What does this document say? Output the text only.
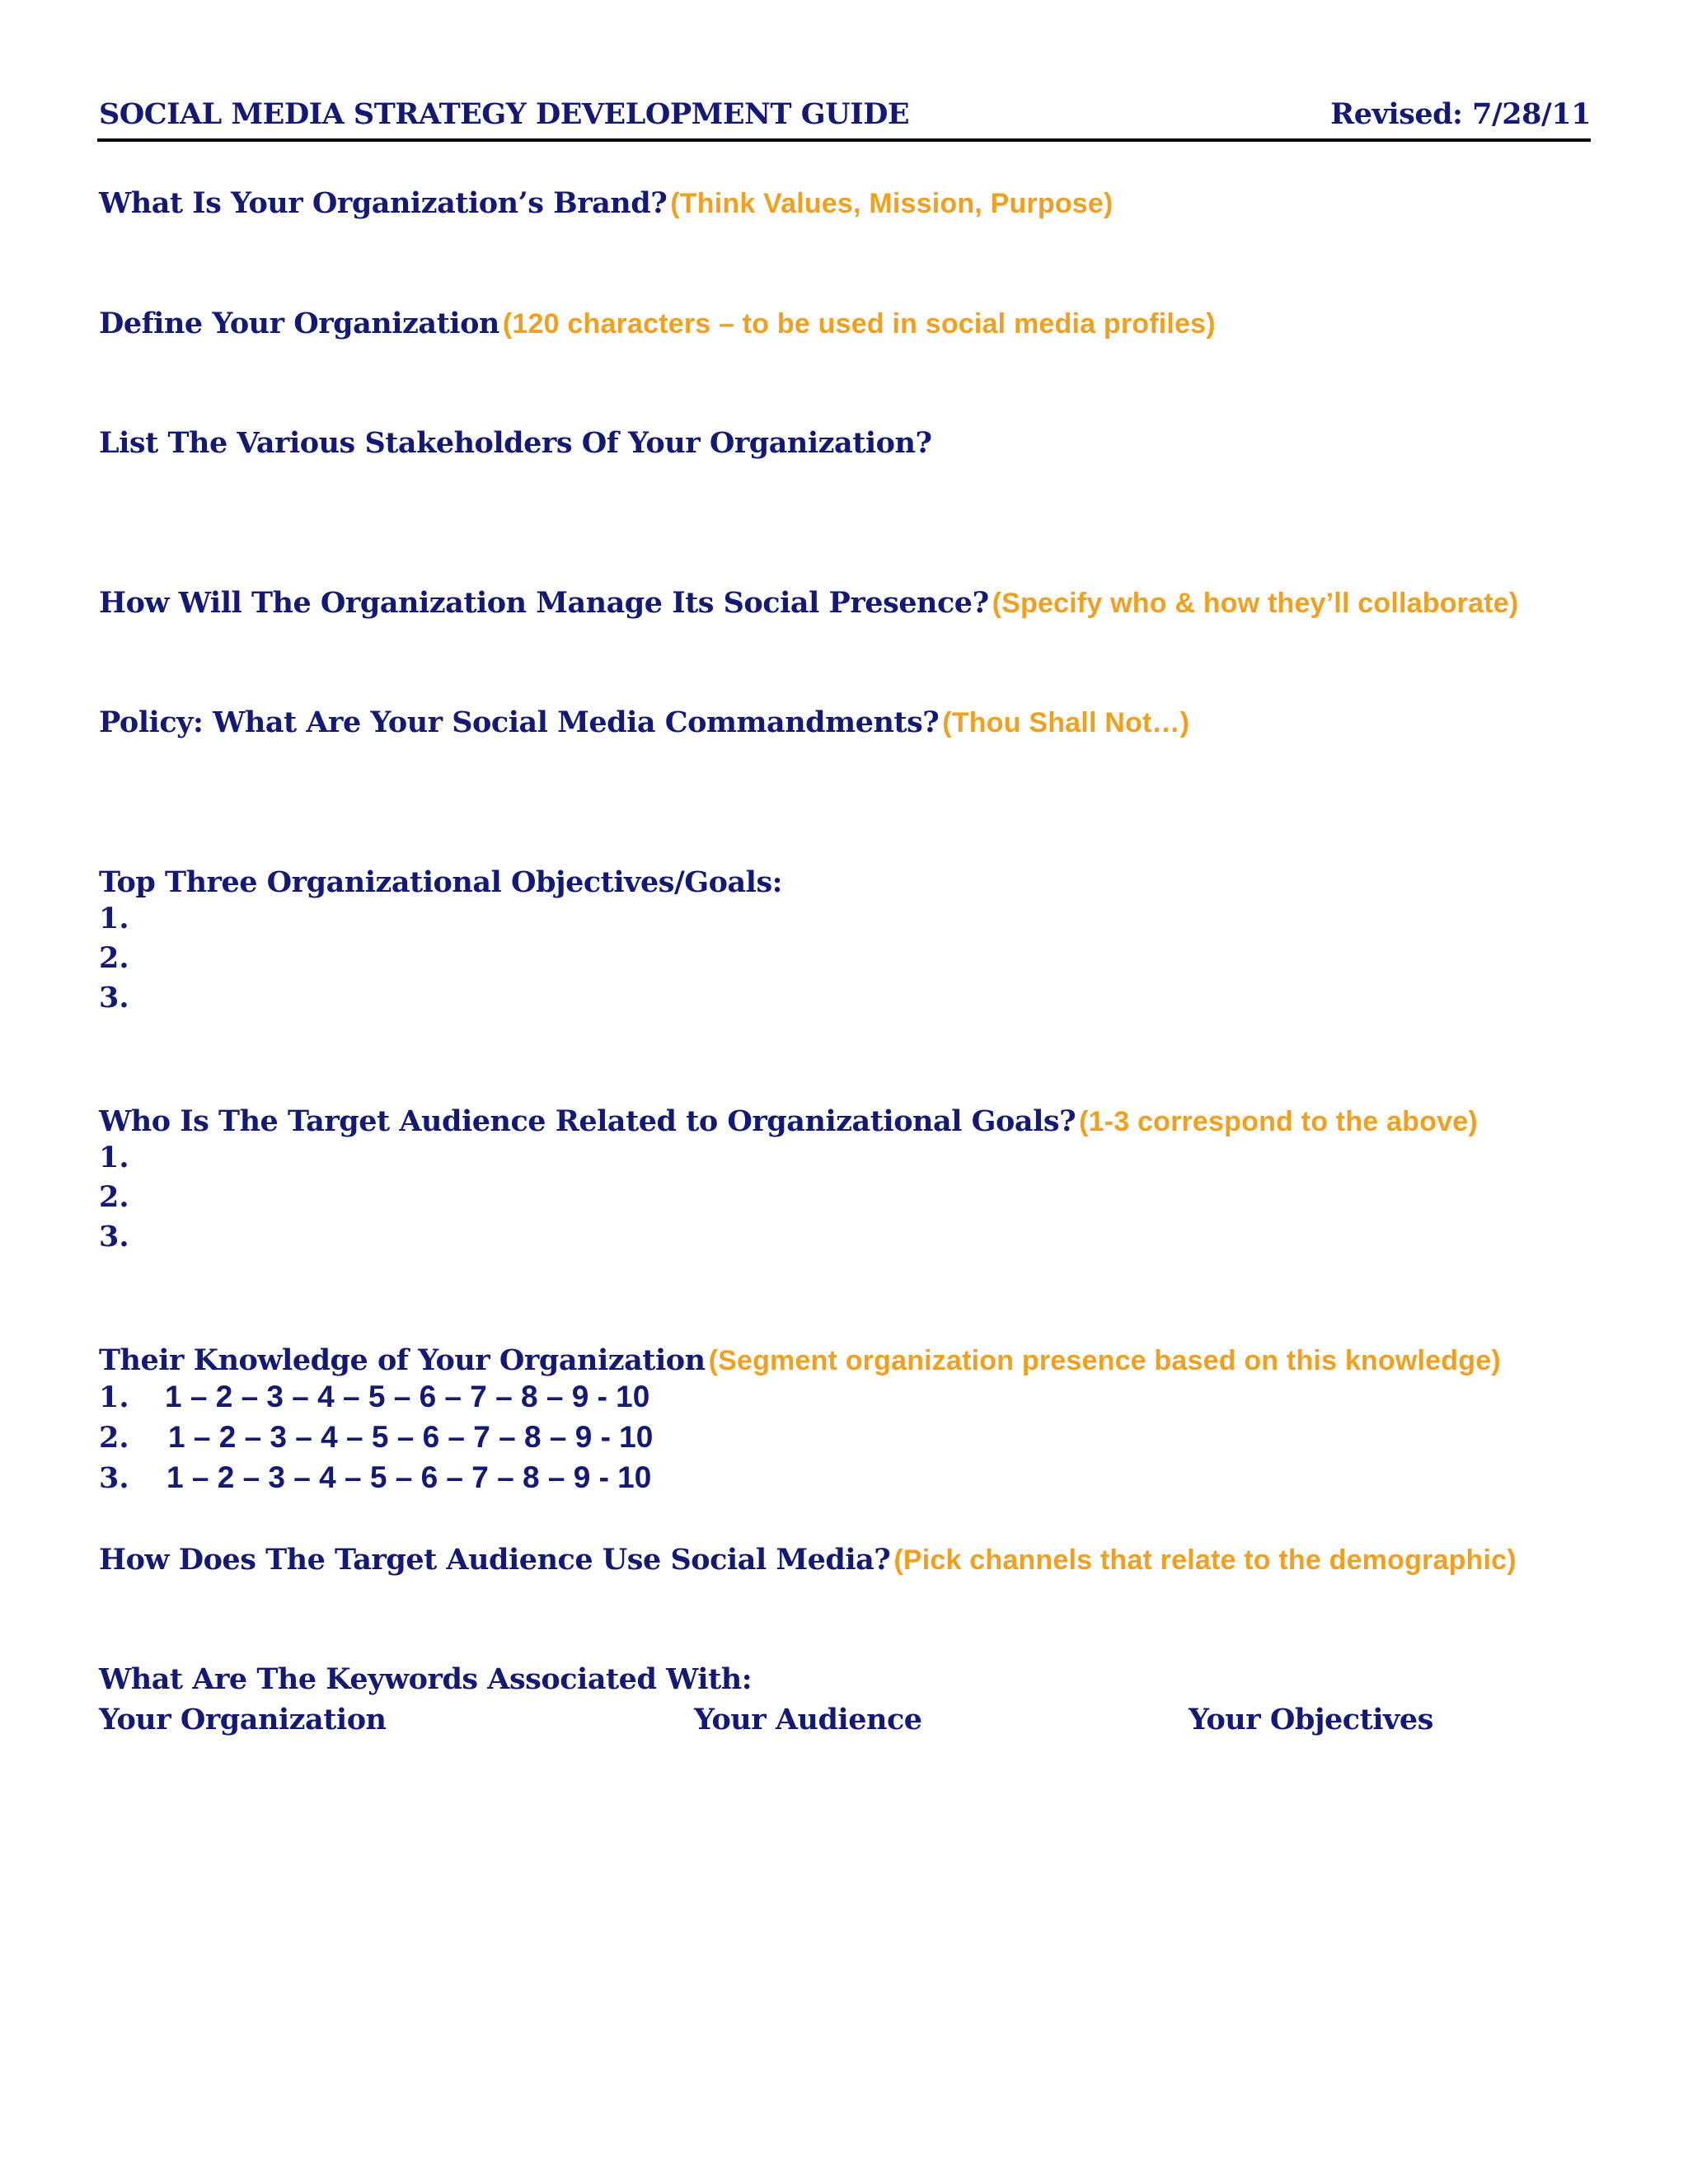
SOCIAL MEDIA STRATEGY DEVELOPMENT GUIDE	Revised: 7/28/11
What Is Your Organization’s Brand? (Think Values, Mission, Purpose)
Define Your Organization (120 characters – to be used in social media profiles)
List The Various Stakeholders Of Your Organization?
How Will The Organization Manage Its Social Presence? (Specify who & how they’ll collaborate)
Policy: What Are Your Social Media Commandments? (Thou Shall Not…)
Top Three Organizational Objectives/Goals:
1.
2.
3.
Who Is The Target Audience Related to Organizational Goals? (1-3 correspond to the above)
1.
2.
3.
Their Knowledge of Your Organization (Segment organization presence based on this knowledge)
1. 1 – 2 – 3 – 4 – 5 – 6 – 7 – 8 – 9 - 10
2. 1 – 2 – 3 – 4 – 5 – 6 – 7 – 8 – 9 - 10
3. 1 – 2 – 3 – 4 – 5 – 6 – 7 – 8 – 9 - 10
How Does The Target Audience Use Social Media? (Pick channels that relate to the demographic)
What Are The Keywords Associated With:
Your Organization	Your Audience	Your Objectives
